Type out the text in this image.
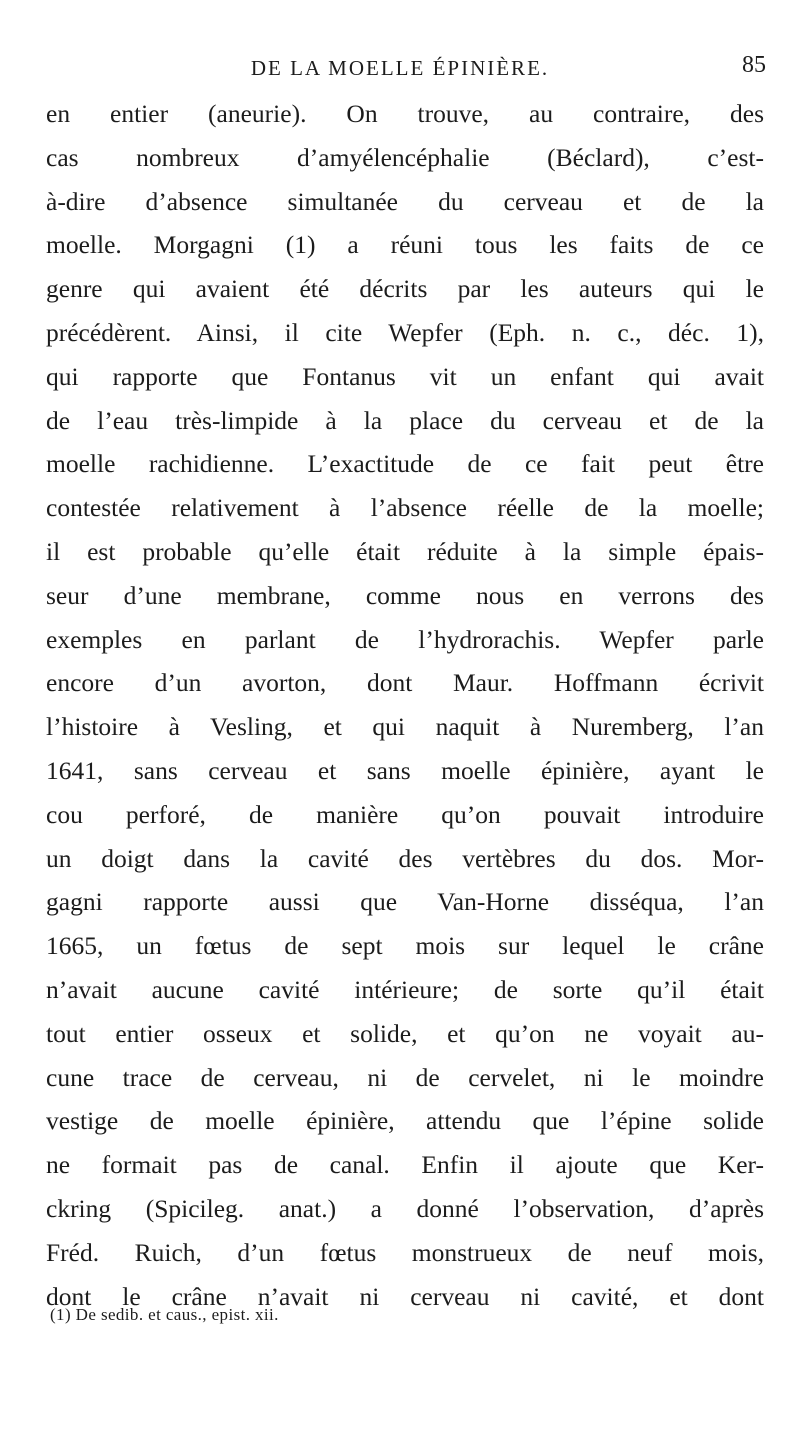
DE LA MOELLE ÉPINIÈRE.	85
en entier (aneurie). On trouve, au contraire, des
cas nombreux d’amyélencéphalie (Béclard), c’est-
à-dire d’absence simultanée du cerveau et de la
moelle. Morgagni (1) a réuni tous les faits de ce
genre qui avaient été décrits par les auteurs qui le
précédèrent. Ainsi, il cite Wepfer (Eph. n. c., déc. 1),
qui rapporte que Fontanus vit un enfant qui avait
de l’eau très-limpide à la place du cerveau et de la
moelle rachidienne. L’exactitude de ce fait peut être
contestée relativement à l’absence réelle de la moelle;
il est probable qu’elle était réduite à la simple épais-
seur d’une membrane, comme nous en verrons des
exemples en parlant de l’hydrorachis. Wepfer parle
encore d’un avorton, dont Maur. Hoffmann écrivit
l’histoire à Vesling, et qui naquit à Nuremberg, l’an
1641, sans cerveau et sans moelle épinière, ayant le
cou perforé, de manière qu’on pouvait introduire
un doigt dans la cavité des vertèbres du dos. Mor-
gagni rapporte aussi que Van-Horne disséqua, l’an
1665, un fœtus de sept mois sur lequel le crâne
n’avait aucune cavité intérieure; de sorte qu’il était
tout entier osseux et solide, et qu’on ne voyait au-
cune trace de cerveau, ni de cervelet, ni le moindre
vestige de moelle épinière, attendu que l’épine solide
ne formait pas de canal. Enfin il ajoute que Ker-
ckring (Spicileg. anat.) a donné l’observation, d’après
Fréd. Ruich, d’un fœtus monstrueux de neuf mois,
dont le crâne n’avait ni cerveau ni cavité, et dont
(1) De sedib. et caus., epist. xii.
